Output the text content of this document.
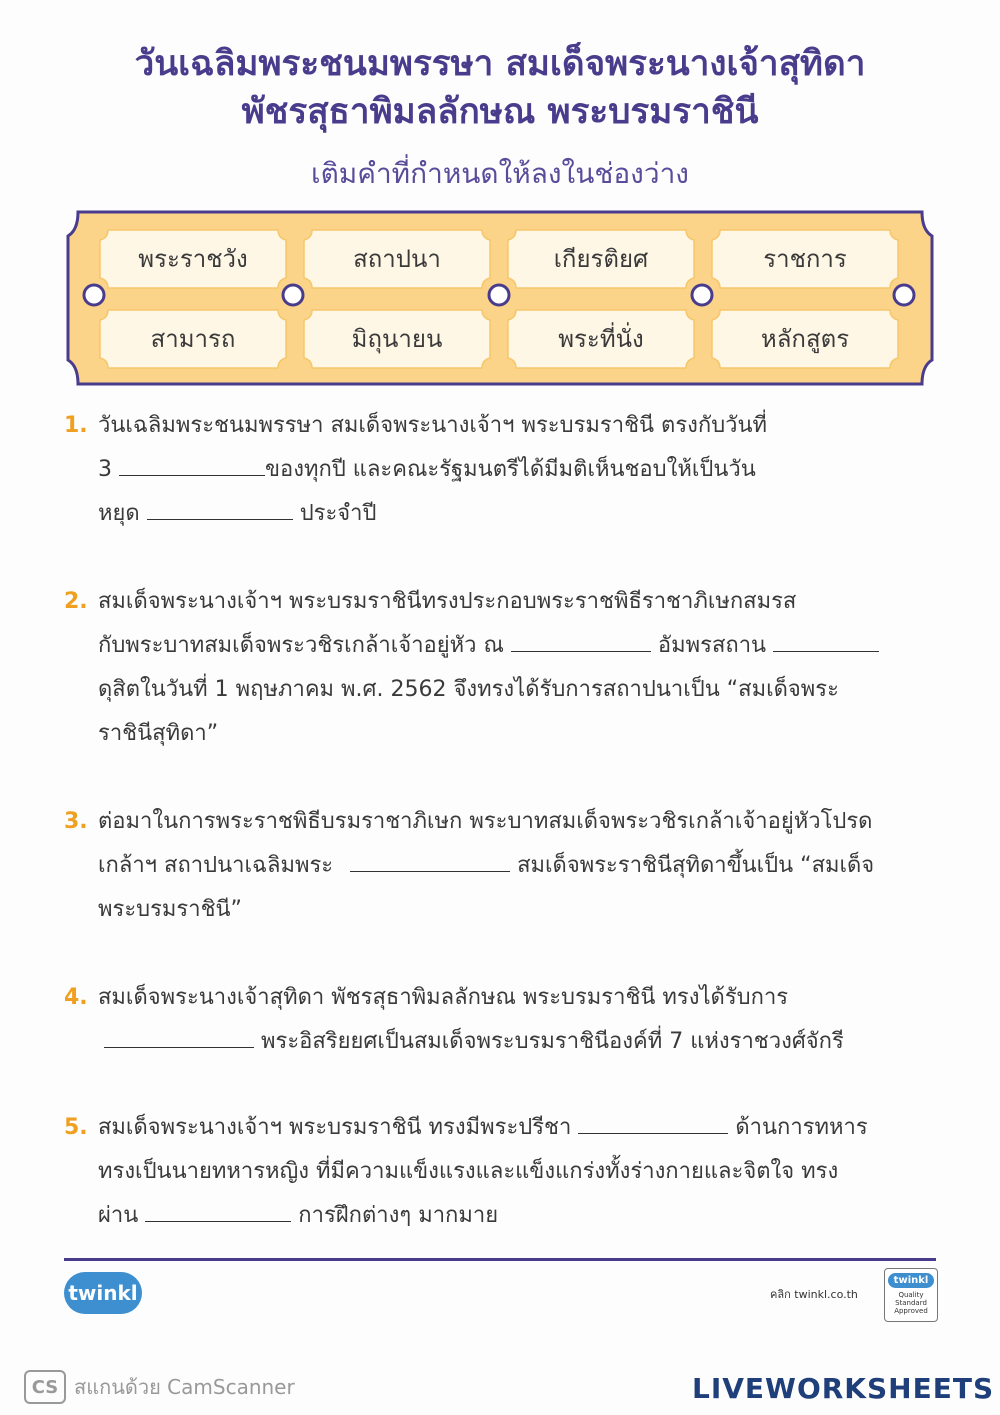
วันเฉลิมพระชนมพรรษา สมเด็จพระนางเจ้าสุทิดา
พัชรสุธาพิมลลักษณ พระบรมราชินี
เติมคำที่กำหนดให้ลงในช่องว่าง
พระราชวัง	สถาปนา	เกียรติยศ	ราชการ
สามารถ	มิถุนายน	พระที่นั่ง	หลักสูตร
1. วันเฉลิมพระชนมพรรษา สมเด็จพระนางเจ้าฯ พระบรมราชินี ตรงกับวันที่
3	ของทุกปี และคณะรัฐมนตรีได้มีมติเห็นชอบให้เป็นวัน
หยุด	ประจำปี
2. สมเด็จพระนางเจ้าฯ พระบรมราชินีทรงประกอบพระราชพิธีราชาภิเษกสมรส
กับพระบาทสมเด็จพระวชิรเกล้าเจ้าอยู่หัว ณ	อัมพรสถาน
ดุสิตในวันที่ 1 พฤษภาคม พ.ศ. 2562 จึงทรงได้รับการสถาปนาเป็น “สมเด็จพระ
ราชินีสุทิดา”
3. ต่อมาในการพระราชพิธีบรมราชาภิเษก พระบาทสมเด็จพระวชิรเกล้าเจ้าอยู่หัวโปรด
เกล้าฯ สถาปนาเฉลิมพระ	สมเด็จพระราชินีสุทิดาขึ้นเป็น “สมเด็จ
พระบรมราชินี”
4. สมเด็จพระนางเจ้าสุทิดา พัชรสุธาพิมลลักษณ พระบรมราชินี ทรงได้รับการ
พระอิสริยยศเป็นสมเด็จพระบรมราชินีองค์ที่ 7 แห่งราชวงศ์จักรี
5. สมเด็จพระนางเจ้าฯ พระบรมราชินี ทรงมีพระปรีชา	ด้านการทหาร
ทรงเป็นนายทหารหญิง ที่มีความแข็งแรงและแข็งแกร่งทั้งร่างกายและจิตใจ ทรง
ผ่าน	การฝึกต่างๆ มากมาย
twinkl	คลิก twinkl.co.th
twinkl
Quality Standard Approved
CS สแกนด้วย CamScanner	LIVEWORKSHEETS
